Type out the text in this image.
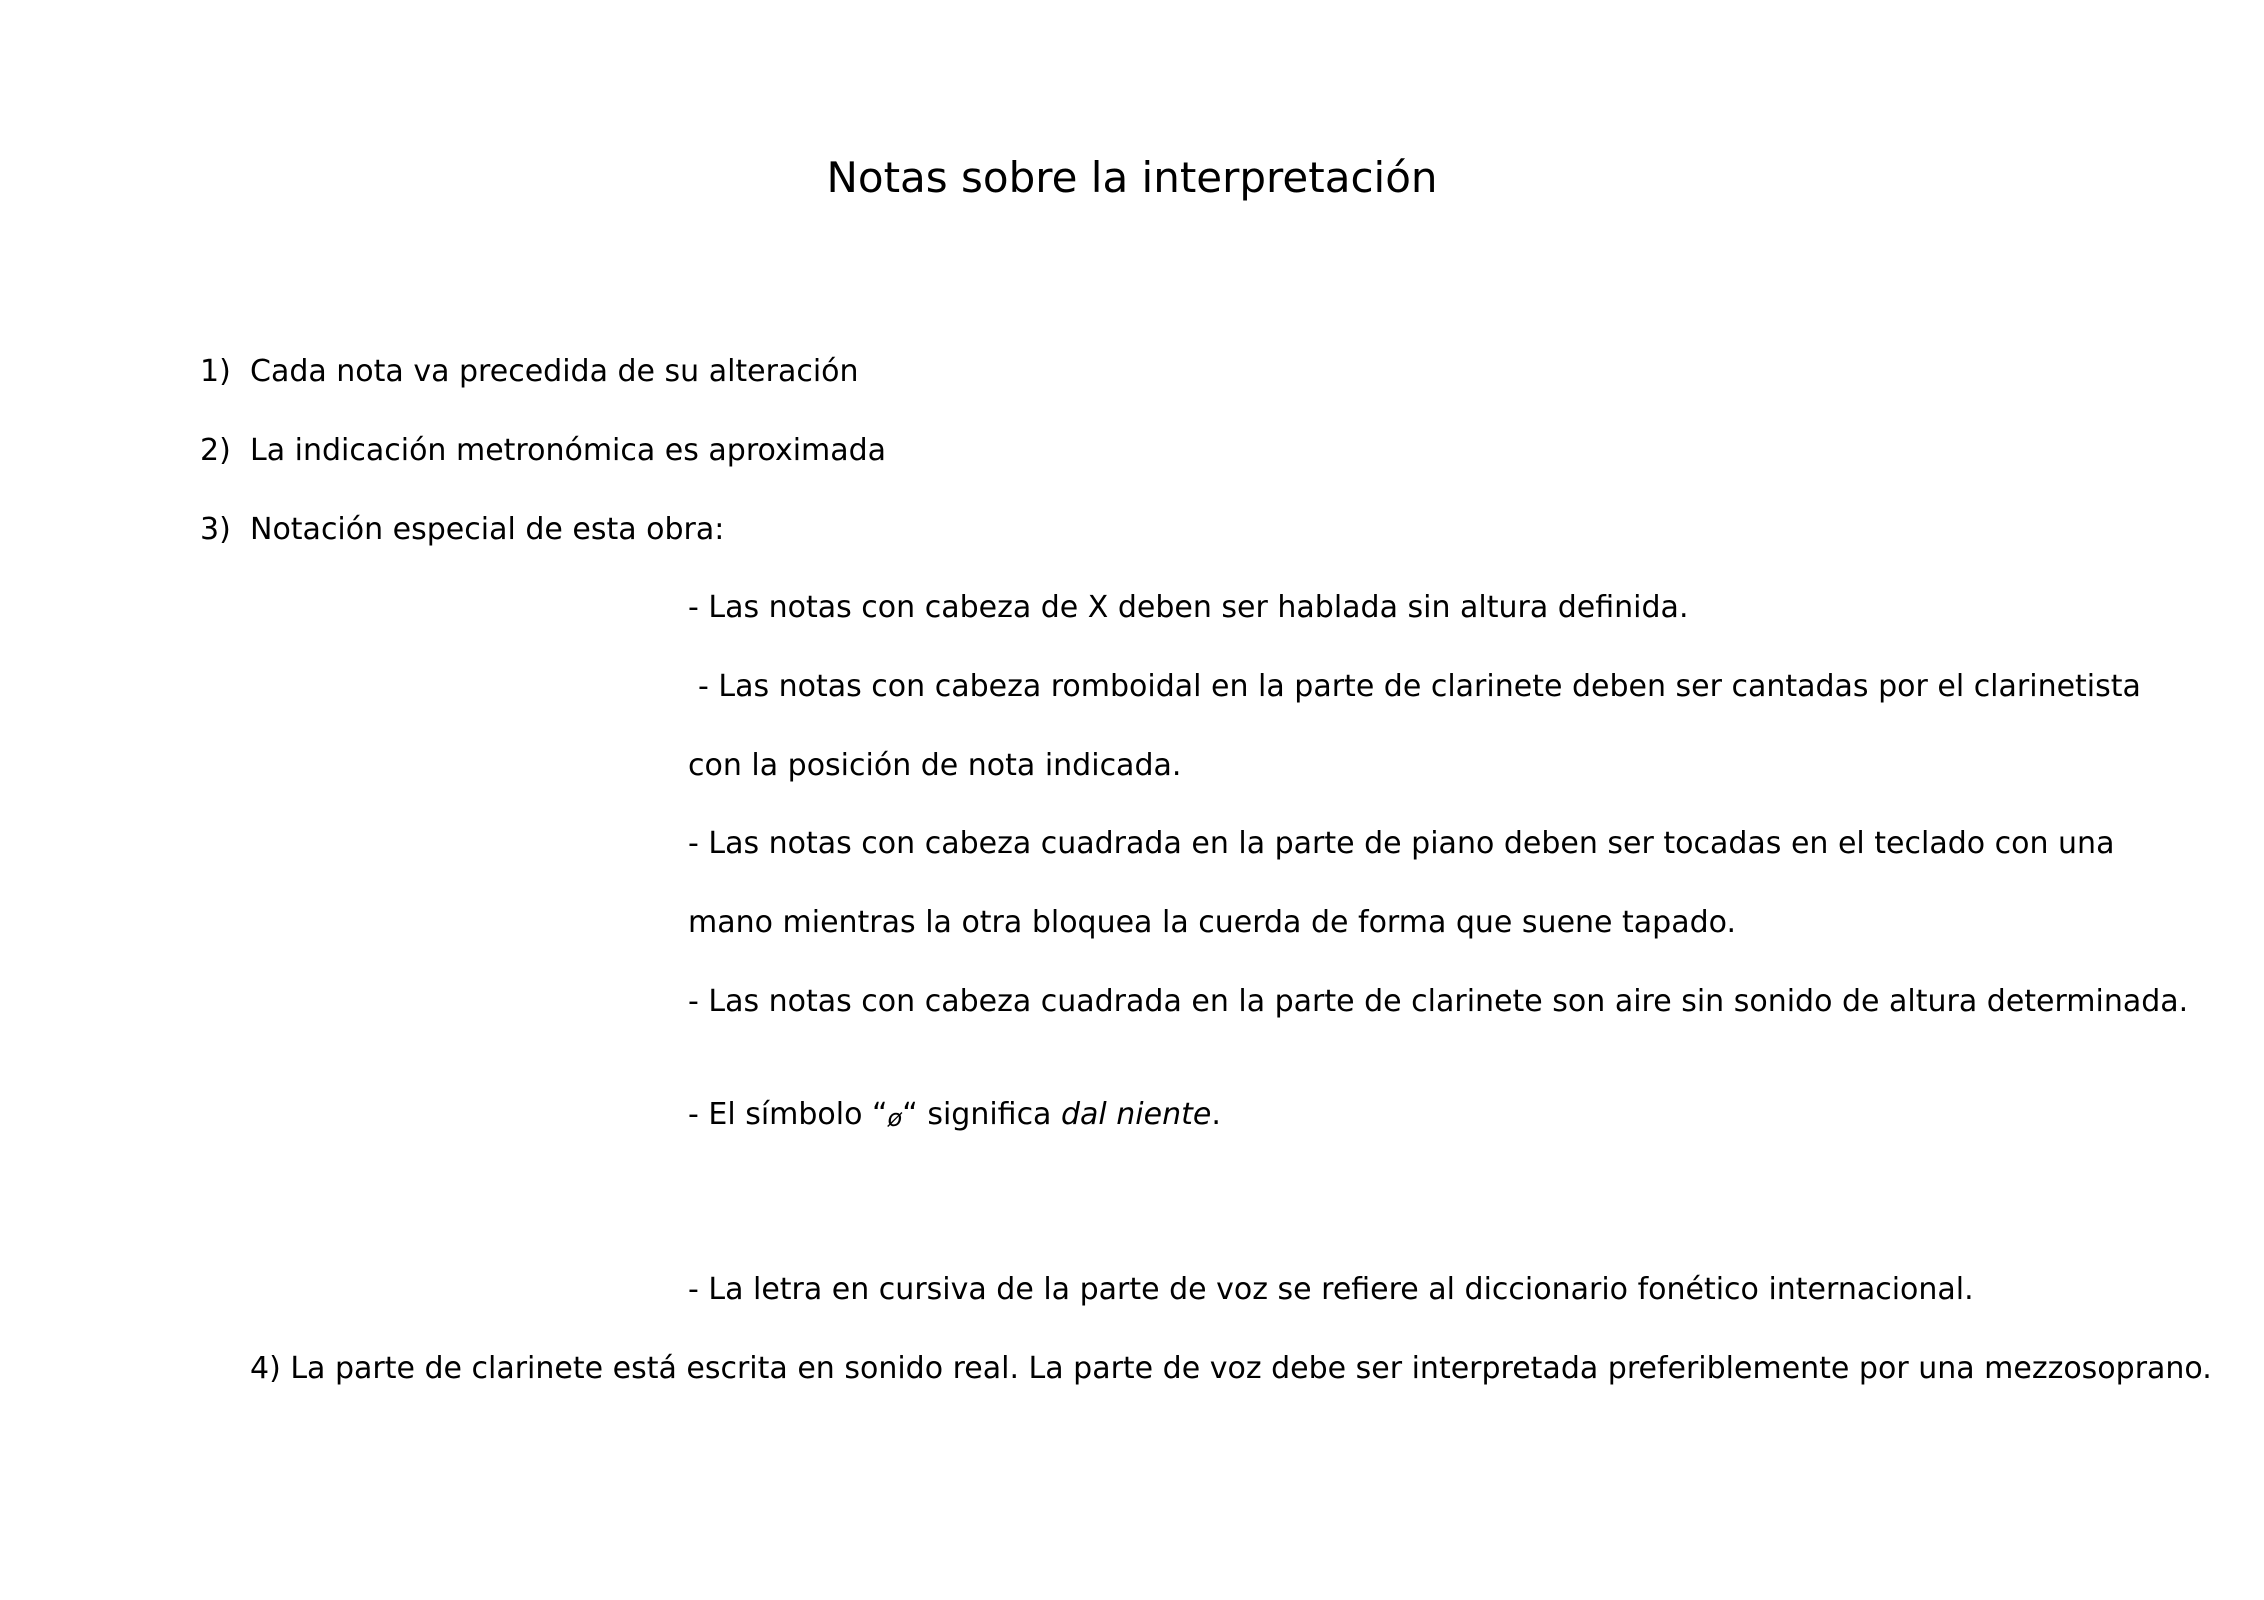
Notas sobre la interpretación
1) Cada nota va precedida de su alteración
2) La indicación metronómica es aproximada
3) Notación especial de esta obra:
- Las notas con cabeza de X deben ser hablada sin altura definida.
- Las notas con cabeza romboidal en la parte de clarinete deben ser cantadas por el clarinetista
con la posición de nota indicada.
- Las notas con cabeza cuadrada en la parte de piano deben ser tocadas en el teclado con una
mano mientras la otra bloquea la cuerda de forma que suene tapado.
- Las notas con cabeza cuadrada en la parte de clarinete son aire sin sonido de altura determinada.
- El símbolo “ø“ significa dal niente.
- La letra en cursiva de la parte de voz se refiere al diccionario fonético internacional.
4) La parte de clarinete está escrita en sonido real. La parte de voz debe ser interpretada preferiblemente por una mezzosoprano.
